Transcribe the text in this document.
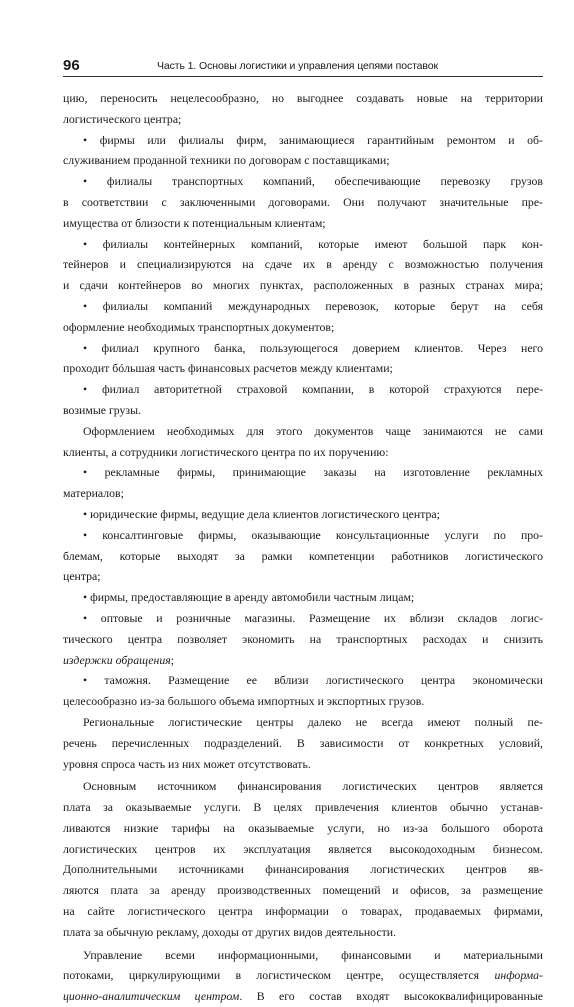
96	Часть 1. Основы логистики и управления цепями поставок
цию, переносить нецелесообразно, но выгоднее создавать новые на территории
логистического центра;
• фирмы или филиалы фирм, занимающиеся гарантийным ремонтом и об-
служиванием проданной техники по договорам с поставщиками;
• филиалы транспортных компаний, обеспечивающие перевозку грузов
в соответствии с заключенными договорами. Они получают значительные пре-
имущества от близости к потенциальным клиентам;
• филиалы контейнерных компаний, которые имеют большой парк кон-
тейнеров и специализируются на сдаче их в аренду с возможностью получения
и сдачи контейнеров во многих пунктах, расположенных в разных странах мира;
• филиалы компаний международных перевозок, которые берут на себя
оформление необходимых транспортных документов;
• филиал крупного банка, пользующегося доверием клиентов. Через него
проходит бóльшая часть финансовых расчетов между клиентами;
• филиал авторитетной страховой компании, в которой страхуются пере-
возимые грузы.
Оформлением необходимых для этого документов чаще занимаются не сами
клиенты, а сотрудники логистического центра по их поручению:
• рекламные фирмы, принимающие заказы на изготовление рекламных
материалов;
• юридические фирмы, ведущие дела клиентов логистического центра;
• консалтинговые фирмы, оказывающие консультационные услуги по про-
блемам, которые выходят за рамки компетенции работников логистического
центра;
• фирмы, предоставляющие в аренду автомобили частным лицам;
• оптовые и розничные магазины. Размещение их вблизи складов логис-
тического центра позволяет экономить на транспортных расходах и снизить
издержки обращения;
• таможня. Размещение ее вблизи логистического центра экономически
целесообразно из-за большого объема импортных и экспортных грузов.
Региональные логистические центры далеко не всегда имеют полный пе-
речень перечисленных подразделений. В зависимости от конкретных условий,
уровня спроса часть из них может отсутствовать.
Основным источником финансирования логистических центров является
плата за оказываемые услуги. В целях привлечения клиентов обычно устанав-
ливаются низкие тарифы на оказываемые услуги, но из-за большого оборота
логистических центров их эксплуатация является высокодоходным бизнесом.
Дополнительными источниками финансирования логистических центров яв-
ляются плата за аренду производственных помещений и офисов, за размещение
на сайте логистического центра информации о товарах, продаваемых фирмами,
плата за обычную рекламу, доходы от других видов деятельности.
Управление всеми информационными, финансовыми и материальными
потоками, циркулирующими в логистическом центре, осуществляется информа-
ционно-аналитическим центром. В его состав входят высококвалифицированные
